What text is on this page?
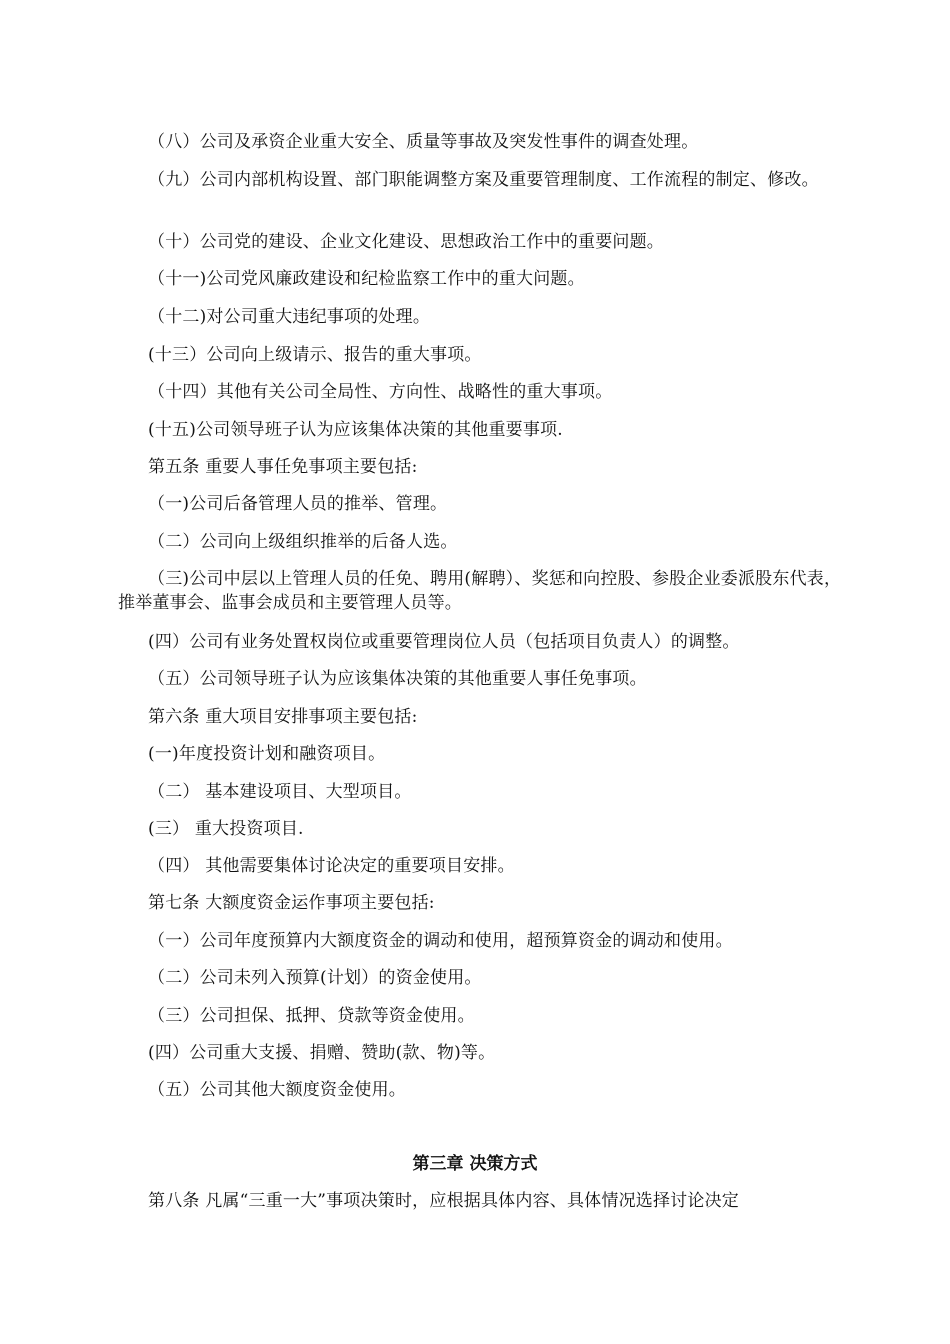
（八）公司及承资企业重大安全、质量等事故及突发性事件的调查处理。
（九）公司内部机构设置、部门职能调整方案及重要管理制度、工作流程的制定、修改。
（十）公司党的建设、企业文化建设、思想政治工作中的重要问题。
（十一)公司党风廉政建设和纪检监察工作中的重大问题。
（十二)对公司重大违纪事项的处理。
(十三）公司向上级请示、报告的重大事项。
（十四）其他有关公司全局性、方向性、战略性的重大事项。
(十五)公司领导班子认为应该集体决策的其他重要事项.
第五条 重要人事任免事项主要包括:
（一)公司后备管理人员的推举、管理。
（二）公司向上级组织推举的后备人选。
（三)公司中层以上管理人员的任免、聘用(解聘）、奖惩和向控股、参股企业委派股东代表，推举董事会、监事会成员和主要管理人员等。
(四）公司有业务处置权岗位或重要管理岗位人员（包括项目负责人）的调整。
（五）公司领导班子认为应该集体决策的其他重要人事任免事项。
第六条 重大项目安排事项主要包括:
(一)年度投资计划和融资项目。
（二） 基本建设项目、大型项目。
(三） 重大投资项目.
（四） 其他需要集体讨论决定的重要项目安排。
第七条 大额度资金运作事项主要包括:
（一）公司年度预算内大额度资金的调动和使用，超预算资金的调动和使用。
（二）公司未列入预算(计划）的资金使用。
（三）公司担保、抵押、贷款等资金使用。
(四）公司重大支援、捐赠、赞助(款、物)等。
（五）公司其他大额度资金使用。
第三章 决策方式
第八条 凡属“三重一大”事项决策时，应根据具体内容、具体情况选择讨论决定
